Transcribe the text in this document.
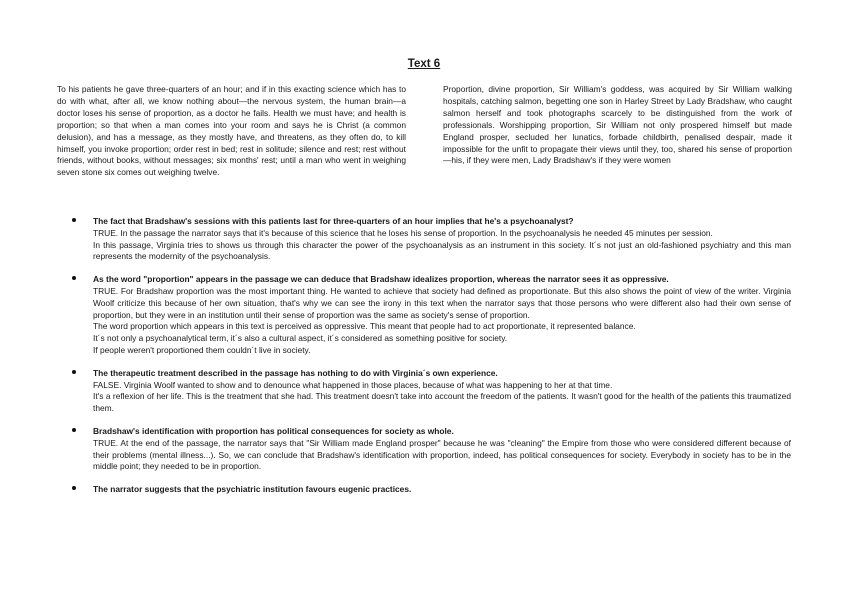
Text 6
To his patients he gave three-quarters of an hour; and if in this exacting science which has to do with what, after all, we know nothing about—the nervous system, the human brain—a doctor loses his sense of proportion, as a doctor he fails. Health we must have; and health is proportion; so that when a man comes into your room and says he is Christ (a common delusion), and has a message, as they mostly have, and threatens, as they often do, to kill himself, you invoke proportion; order rest in bed; rest in solitude; silence and rest; rest without friends, without books, without messages; six months' rest; until a man who went in weighing seven stone six comes out weighing twelve.
Proportion, divine proportion, Sir William's goddess, was acquired by Sir William walking hospitals, catching salmon, begetting one son in Harley Street by Lady Bradshaw, who caught salmon herself and took photographs scarcely to be distinguished from the work of professionals. Worshipping proportion, Sir William not only prospered himself but made England prosper, secluded her lunatics, forbade childbirth, penalised despair, made it impossible for the unfit to propagate their views until they, too, shared his sense of proportion—his, if they were men, Lady Bradshaw's if they were women
The fact that Bradshaw's sessions with this patients last for three-quarters of an hour implies that he's a psychoanalyst?

TRUE. In the passage the narrator says that it's because of this science that he loses his sense of proportion. In the psychoanalysis he needed 45 minutes per session.

In this passage, Virginia tries to shows us through this character the power of the psychoanalysis as an instrument in this society. It´s not just an old-fashioned psychiatry and this man represents the modernity of the psychoanalysis.

As the word "proportion" appears in the passage we can deduce that Bradshaw idealizes proportion, whereas the narrator sees it as oppressive.

TRUE. For Bradshaw proportion was the most important thing. He wanted to achieve that society had defined as proportionate. But this also shows the point of view of the writer. Virginia Woolf criticize this because of her own situation, that's why we can see the irony in this text when the narrator says that those persons who were different also had their own sense of proportion, but they were in an institution until their sense of proportion was the same as society's sense of proportion.

The word proportion which appears in this text is perceived as oppressive. This meant that people had to act proportionate, it represented balance.

It´s not only a psychoanalytical term, it´s also a cultural aspect, it´s considered as something positive for society.

If people weren't proportioned them couldn´t live in society.

The therapeutic treatment described in the passage has nothing to do with Virginia´s own experience.

FALSE. Virginia Woolf wanted to show and to denounce what happened in those places, because of what was happening to her at that time.

It's a reflexion of her life. This is the treatment that she had. This treatment doesn't take into account the freedom of the patients. It wasn't good for the health of the patients this traumatized them.

Bradshaw's identification with proportion has political consequences for society as whole.

TRUE. At the end of the passage, the narrator says that "Sir William made England prosper" because he was "cleaning" the Empire from those who were considered different because of their problems (mental illness...). So, we can conclude that Bradshaw's identification with proportion, indeed, has political consequences for society. Everybody in society has to be in the middle point; they needed to be in proportion.

The narrator suggests that the psychiatric institution favours eugenic practices.
